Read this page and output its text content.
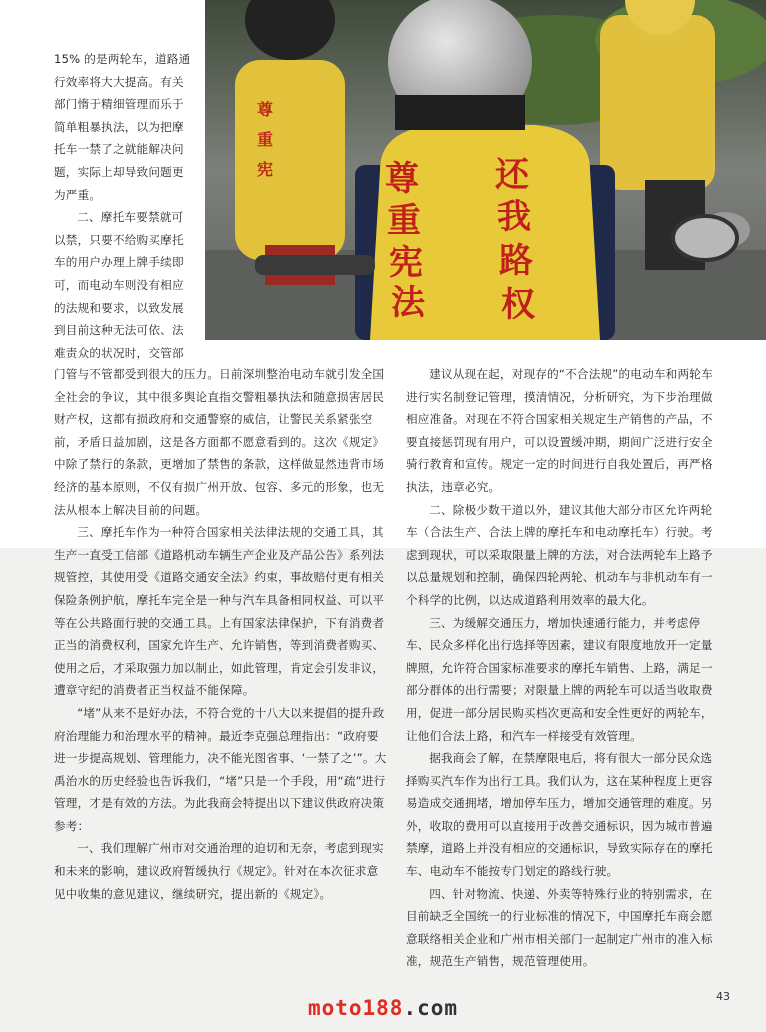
尊
重
宪	尊
重
宪
法
还
我
路
权

15% 的是两轮车，道路通行效率将大大提高。有关部门惰于精细管理而乐于简单粗暴执法，以为把摩托车一禁了之就能解决问题，实际上却导致问题更为严重。

二、摩托车要禁就可以禁，只要不给购买摩托车的用户办理上牌手续即可，而电动车则没有相应的法规和要求，以致发展到目前这种无法可依、法难责众的状况时，交管部

门管与不管都受到很大的压力。日前深圳整治电动车就引发全国全社会的争议，其中很多舆论直指交警粗暴执法和随意损害居民财产权，这都有损政府和交通警察的威信，让警民关系紧张空前，矛盾日益加剧，这是各方面都不愿意看到的。这次《规定》中除了禁行的条款，更增加了禁售的条款，这样做显然违背市场经济的基本原则，不仅有损广州开放、包容、多元的形象，也无法从根本上解决目前的问题。

三、摩托车作为一种符合国家相关法律法规的交通工具，其生产一直受工信部《道路机动车辆生产企业及产品公告》系列法规管控，其使用受《道路交通安全法》约束，事故赔付更有相关保险条例护航，摩托车完全是一种与汽车具备相同权益、可以平等在公共路面行驶的交通工具。上有国家法律保护，下有消费者正当的消费权利，国家允许生产、允许销售，等到消费者购买、使用之后，才采取强力加以制止，如此管理，肯定会引发非议，遭章守纪的消费者正当权益不能保障。

“堵”从来不是好办法，不符合党的十八大以来提倡的提升政府治理能力和治理水平的精神。最近李克强总理指出：“政府要进一步提高规划、管理能力，决不能光图省事、‘一禁了之’”。大禹治水的历史经验也告诉我们，“堵”只是一个手段，用“疏”进行管理，才是有效的方法。为此我商会特提出以下建议供政府决策参考：

一、我们理解广州市对交通治理的迫切和无奈，考虑到现实和未来的影响，建议政府暂缓执行《规定》。针对在本次征求意见中收集的意见建议，继续研究，提出新的《规定》。

建议从现在起，对现存的“不合法规”的电动车和两轮车进行实名制登记管理，摸清情况，分析研究，为下步治理做相应准备。对现在不符合国家相关规定生产销售的产品，不要直接惩罚现有用户，可以设置缓冲期，期间广泛进行安全骑行教育和宣传。规定一定的时间进行自我处置后，再严格执法，违章必究。

二、除极少数干道以外，建议其他大部分市区允许两轮车（合法生产、合法上牌的摩托车和电动摩托车）行驶。考虑到现状，可以采取限量上牌的方法，对合法两轮车上路予以总量规划和控制，确保四轮两轮、机动车与非机动车有一个科学的比例，以达成道路利用效率的最大化。

三、为缓解交通压力，增加快速通行能力，并考虑停车、民众多样化出行选择等因素，建议有限度地放开一定量牌照，允许符合国家标准要求的摩托车销售、上路，满足一部分群体的出行需要；对限量上牌的两轮车可以适当收取费用，促进一部分居民购买档次更高和安全性更好的两轮车，让他们合法上路，和汽车一样接受有效管理。

据我商会了解，在禁摩限电后，将有很大一部分民众选择购买汽车作为出行工具。我们认为，这在某种程度上更容易造成交通拥堵，增加停车压力，增加交通管理的难度。另外，收取的费用可以直接用于改善交通标识，因为城市普遍禁摩，道路上并没有相应的交通标识，导致实际存在的摩托车、电动车不能按专门划定的路线行驶。

四、针对物流、快递、外卖等特殊行业的特别需求，在目前缺乏全国统一的行业标准的情况下，中国摩托车商会愿意联络相关企业和广州市相关部门一起制定广州市的准入标准，规范生产销售，规范管理使用。

43
moto188.com
